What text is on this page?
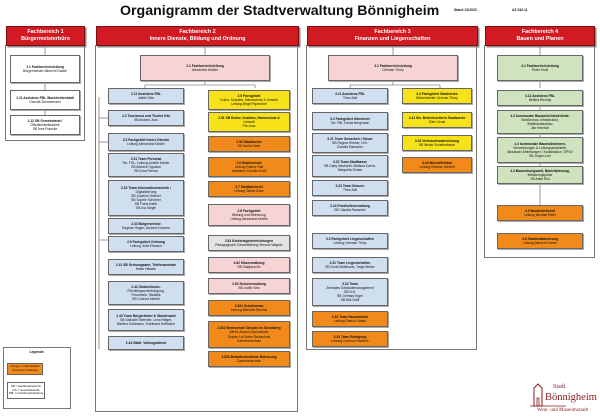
Organigramm der Stadtverwaltung Bönnigheim	Stand 12/2023	AZ 042.11
Fachbereich 1
Bürgermeisterbüro
Fachbereich 2
Innere Dienste, Bildung und Ordnung
Fachbereich 3
Finanzen und Liegenschaften
Fachbereich 4
Bauen und Planen
1.1 Fachbereichsleitung
Bürgermeister Albrecht Dautel
1.11 Assistenz FBL /Nachrichtenblatt
Claudia Zimmermann
1.12 SB Gemeinderat /
Öffentlichkeitsarbeit
SB Ines Franzke
2.1 Fachbereichsleitung
Alexandra Kindler
2.11 Assistenz FBL
Judith Seiz
2.2 Tourismus und Tourist Info
SB Andrea Joos
2.3 Fachgebiet Innere Dienste
Leitung Alexandra Kindler
2.31 Team Personal
Stv. FGL: Leitung Amelie Zeisler
SB Adriane Oguzlan
SB Ilona Pernos
2.32 Team Informationstechnik /
Digitalisierung
SB Joachim Gärtner
SB Sophie Schömer
SB Frank Barth
SB Ina Siegle
2.33 Bürgerservice
Dagmar Hagen, Andrea Krumme
2.6 Fachgebiet Ordnung
Leitung Julia Ehmann
2.41 SB Ordnungsamt, Telefonzentrale
Heike Hässler
2.42 Obdachlosen-
Flüchtlingsunterbringung,
Feuerwehr, Statistik
SB Corinna Merkel
2.43 Team Bürgerämter & Standesamt
SB Nathalie Semmler, Lena Rieger,
Martina Goldmann, Edeltraud Hoffmann
2.44 Städt. Vollzugsdienst
2.5 Fachgebiet
Kultur, Soziales, Naturschutz & Umwelt
Leitung Birgit Papendorf
2.51 SB Kultur, Soziales, Naturschutz &
Umwelt
Pia Joos
2.52 Stadtarchiv
SB Tanita Oster
2.6 Musikschule
Leitung Rainer Falk
Assistenz Claudia Knöll
2.7 Stadtbücherei
Leitung Tanita Oster
2.8 Fachgebiet
Bildung und Betreuung
Leitung Alexandra Kindler
2.81 Kindertageseinrichtungen
Pädagogische Gesamtleitung Simone Wagner
2.82 Kitaverwaltung
SB Sladjana Ilic
2.83 Schulverwaltung
SB Judith Seiz
2.831 Schulmensa
Leitung Manuela Reichel
2.832 Betreuende Schulen im Stromberg
Alfred-Amann-Gymnasium
Sophie La Roche Realschule
Ganerbenschule
2.833 Bedarfsorientierte Betreuung
Ganerbenschule
3.1 Fachbereichsleitung
German Thüry
3.11 Assistenz FBL
Thea Zaft
3.2 Fachgebiet Kämmerei
Stv. FBL Tobias Bergmann
3.21 Team Gewerbeh / Steuer
SB Regina Hübner, N.N.
Claudia Rauscher
3.22 Team Stadtkasse
SB Gaby Neubarth, Melissa Zorher,
Margarita Geiser
3.23 Team Steuern
Thea Zaft
3.24 Friedhofsverwaltung
SB Claudia Rauscher
3.3 Fachgebiet Liegenschaften
Leitung German Thüry
3.31 Team Liegenschaften
SB Doris Mühlbauer, Tanja Weber
3.32 Team
Zentrales Gebäudemanagement
SB N.N.
SB Gerhard Kiger
SB Nils Dröll
3.33 Team Hausmeister
Leitung Patrick Gaiser
3.34 Team Reinigung
Leitung Corinna Pawlicek
3.4 Fachgebiet Stadtwerke
Betriebsleiter German Thüry
3.41 Stv. Betriebsleiterin Stadtwerke
Ellen Grust
3.42 Verbrauchsabrechnung
SB Nicole Schellenbauer
3.43 Mineralfreibad
Leitung Dietmar Schmid
4.1 Fachbereichsleitung
Peter Knoll
4.11 Assistenz FBL
Bettina Ruchay
4.2 kommunale Bauaufsichtsbehörde,
Straßenbau, Infrastruktur,
Breitbandausbau
Jan Heinrich
4.3 kommunale Baumaßnahmen,
Vermessungen & Leitungsauskünfte,
Abwasser-Einleitungen / Kanalisation, ÖPNV
SB Jürgen Lee
4.4 Bauordnungsamt, Bauleitplanung,
Bebauungspläne
SB Anke Rist
4.5 Baubetriebshof
Leitung Michael Ritter
4.6 Stadtentwässerung
Leitung Albrecht Harrer
Legende:
Orange = Außenstellen
Dezentral zuständig
SB = Sachbearbeiter*in
GS = Geschäftsstelle
FBL = Fachbereichsleitung
Stadt
Bönnigheim
Wein- und Museumsstadt
